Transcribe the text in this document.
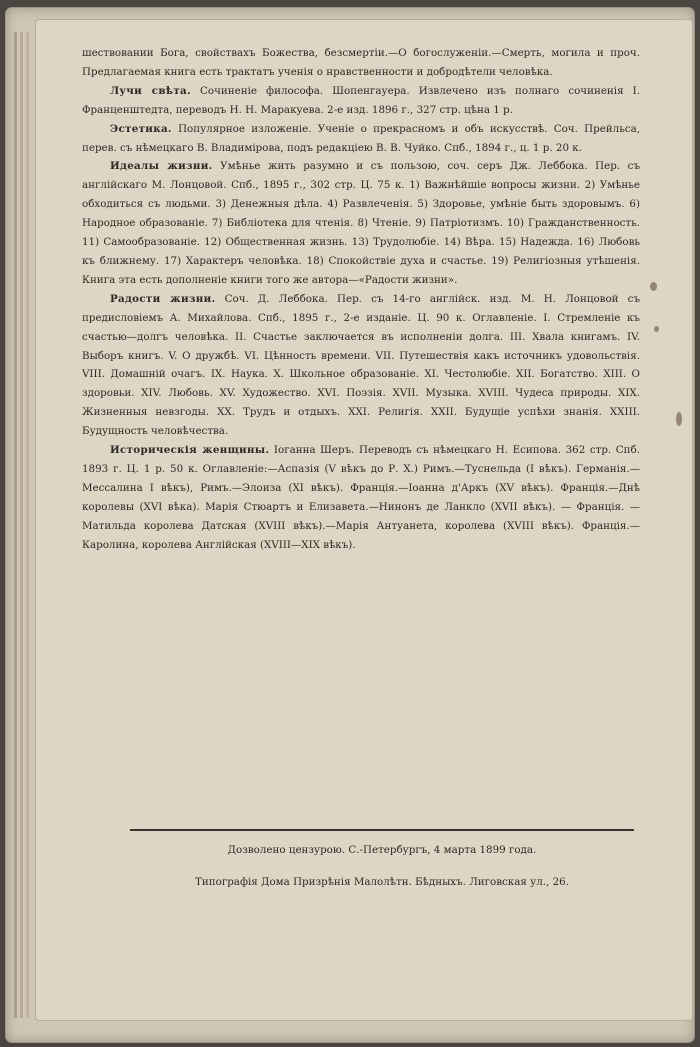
шествовании Бога, свойствахъ Божества, безсмертіи.—О богослуженіи.—Смерть, могила и проч. Предлагаемая книга есть трактатъ ученія о нравственности и добродѣтели человѣка.

Лучи свѣта. Сочиненіе философа. Шопенгауера. Извлечено изъ полнаго сочиненія І. Франценштедта, переводъ Н. Н. Маракуева. 2-е изд. 1896 г., 327 стр. цѣна 1 р.

Эстетика. Популярное изложеніе. Ученіе о прекрасномъ и объ искусствѣ. Соч. Прейльса, перев. съ нѣмецкаго В. Владимірова, подъ редакціею В. В. Чуйко. Спб., 1894 г., ц. 1 р. 20 к.

Идеалы жизни. Умѣнье жить разумно и съ пользою, соч. серъ Дж. Леббока. Пер. съ англійскаго М. Лонцовой. Спб., 1895 г., 302 стр. Ц. 75 к. 1) Важнѣйшіе вопросы жизни. 2) Умѣнье обходиться съ людьми. 3) Денежныя дѣла. 4) Развлеченія. 5) Здоровье, умѣніе быть здоровымъ. 6) Народное образованіе. 7) Библіотека для чтенія. 8) Чтеніе. 9) Патріотизмъ. 10) Гражданственность. 11) Самообразованіе. 12) Общественная жизнь. 13) Трудолюбіе. 14) Вѣра. 15) Надежда. 16) Любовь къ ближнему. 17) Характеръ человѣка. 18) Спокойствіе духа и счастье. 19) Религіозныя утѣшенія. Книга эта есть дополненіе книги того же автора—«Радости жизни».

Радости жизни. Соч. Д. Леббока. Пер. съ 14-го англійск. изд. М. Н. Лонцовой съ предисловіемъ А. Михайлова. Спб., 1895 г., 2-е изданіе. Ц. 90 к. Оглавленіе. І. Стремленіе къ счастью—долгъ человѣка. ІІ. Счастье заключается въ исполненіи долга. ІІІ. Хвала книгамъ. ІV. Выборъ книгъ. V. О дружбѣ. VІ. Цѣнность времени. VІІ. Путешествія какъ источникъ удовольствія. VІІІ. Домашній очагъ. ІХ. Наука. Х. Школьное образованіе. ХІ. Честолюбіе. ХІІ. Богатство. ХІІІ. О здоровьи. ХІV. Любовь. ХV. Художество. ХVІ. Поэзія. ХVІІ. Музыка. ХVІІІ. Чудеса природы. ХІХ. Жизненныя невзгоды. ХХ. Трудъ и отдыхъ. ХХІ. Религія. ХХІІ. Будущіе успѣхи знанія. ХХІІІ. Будущность человѣчества.

Историческія женщины. Іоганна Шеръ. Переводъ съ нѣмецкаго Н. Есиповa. 362 стр. Спб. 1893 г. Ц. 1 р. 50 к. Оглавленіе:—Аспазія (V вѣкъ до Р. Х.) Римъ.—Туснельда (І вѣкъ). Германія.—Мессалина І вѣкъ), Римъ.—Элоиза (ХІ вѣкъ). Франція.—Іоанна д'Аркъ (ХV вѣкъ). Франція.—Днѣ королевы (ХVІ вѣка). Марія Стюартъ и Елизавета.—Нинонъ де Ланкло (ХVІІ вѣкъ). — Франція. — Матильда королева Датская (ХVІІІ вѣкъ).—Марія Антуанета, королева (ХVІІІ вѣкъ). Франція.—Каролина, королева Англійская (ХVІІІ—ХІХ вѣкъ).

Дозволено цензурою. С.-Петербургъ, 4 марта 1899 года.
Типографія Дома Призрѣнія Малолѣтн. Бѣдныхъ. Лиговская ул., 26.
